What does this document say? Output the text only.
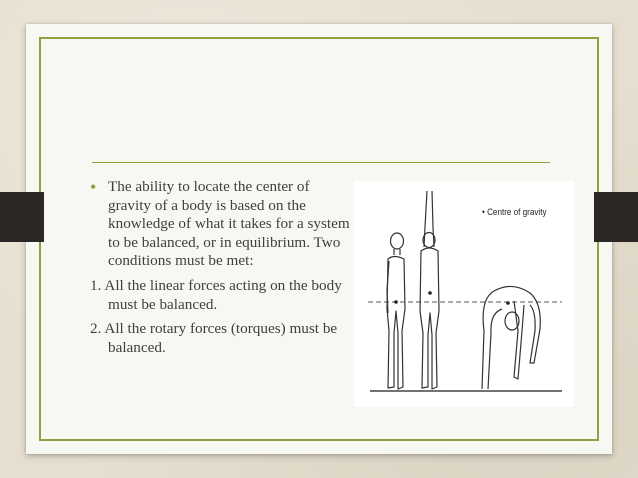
• The ability to locate the center of gravity of a body is based on the knowledge of what it takes for a system to be balanced, or in equilibrium. Two conditions must be met:

1. All the linear forces acting on the body must be balanced.

2. All the rotary forces (torques) must be balanced.

• Centre of gravity
